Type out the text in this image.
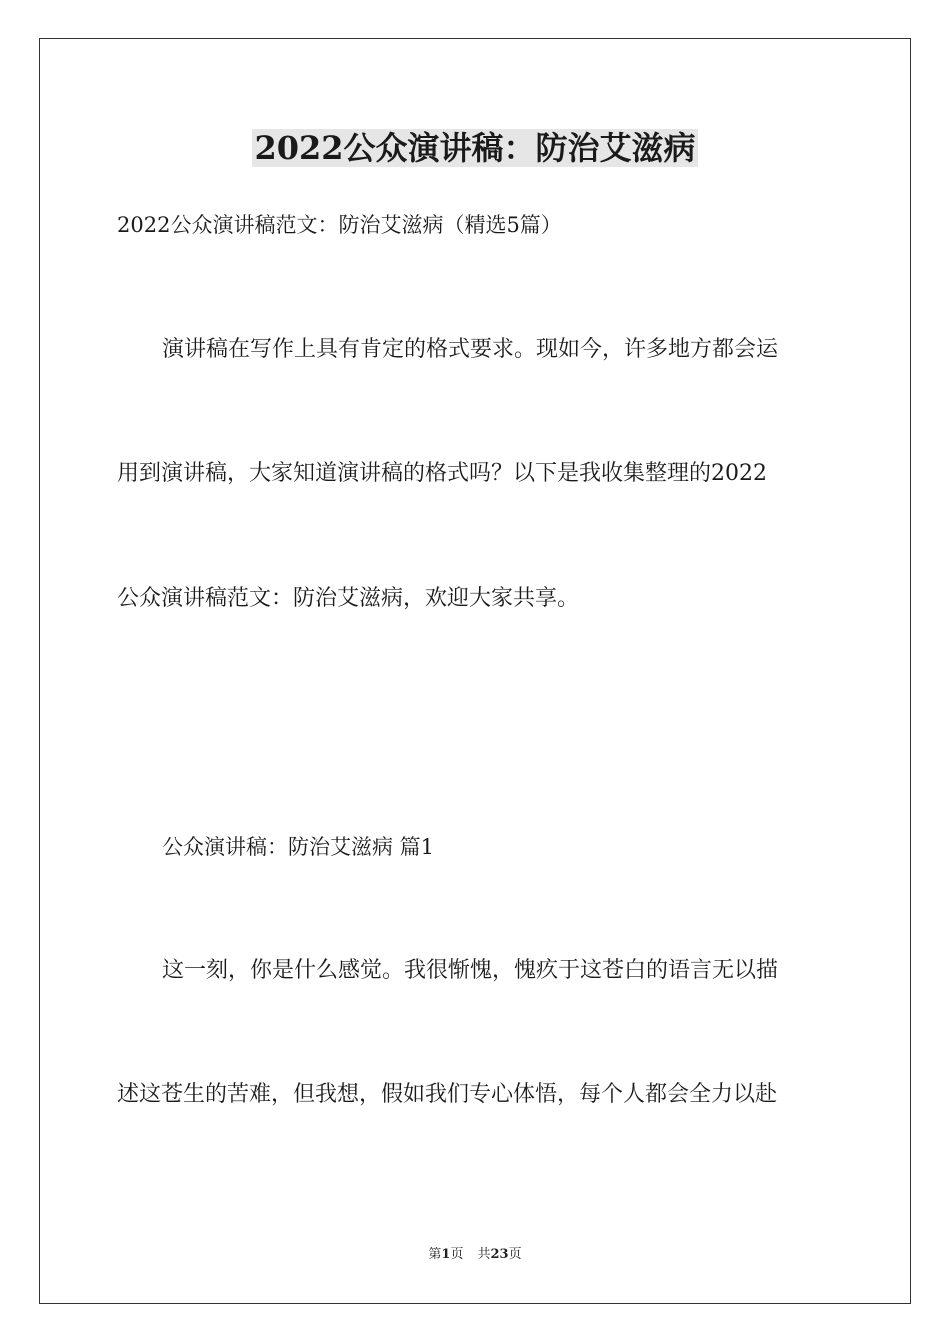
2022公众演讲稿：防治艾滋病
2022公众演讲稿范文：防治艾滋病（精选5篇）
演讲稿在写作上具有肯定的格式要求。现如今，许多地方都会运
用到演讲稿，大家知道演讲稿的格式吗？以下是我收集整理的2022
公众演讲稿范文：防治艾滋病，欢迎大家共享。
公众演讲稿：防治艾滋病 篇1
这一刻，你是什么感觉。我很惭愧，愧疚于这苍白的语言无以描
述这苍生的苦难，但我想，假如我们专心体悟，每个人都会全力以赴
第1页 共23页
